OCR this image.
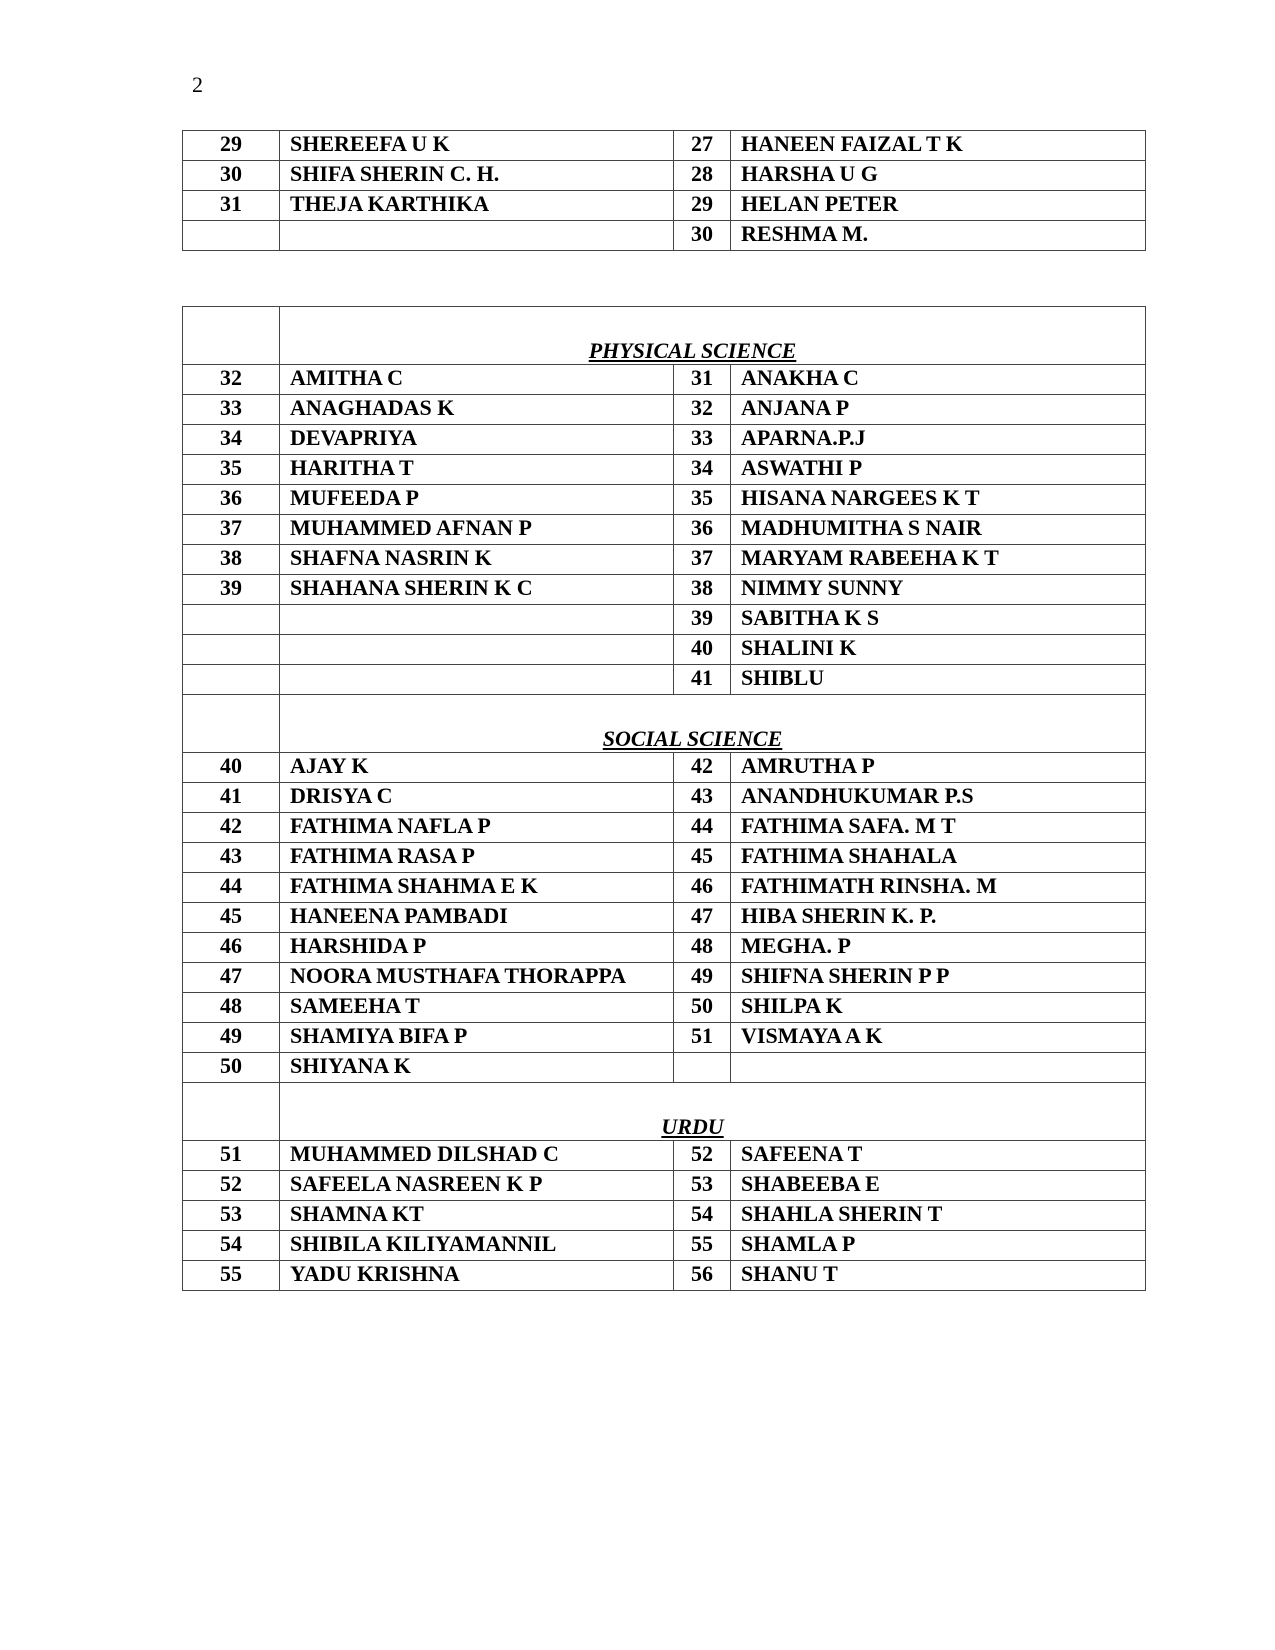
2
29	SHEREEFA U K	27	HANEEN FAIZAL T K
30	SHIFA SHERIN C. H.	28	HARSHA U G
31	THEJA KARTHIKA	29	HELAN PETER
		30	RESHMA M.
	PHYSICAL SCIENCE		
32	AMITHA C	31	ANAKHA C
33	ANAGHADAS K	32	ANJANA P
34	DEVAPRIYA	33	APARNA.P.J
35	HARITHA T	34	ASWATHI P
36	MUFEEDA P	35	HISANA NARGEES K T
37	MUHAMMED AFNAN P	36	MADHUMITHA S NAIR
38	SHAFNA NASRIN K	37	MARYAM RABEEHA K T
39	SHAHANA SHERIN K C	38	NIMMY SUNNY
		39	SABITHA K S
		40	SHALINI K
		41	SHIBLU
	SOCIAL SCIENCE		
40	AJAY K	42	AMRUTHA P
41	DRISYA C	43	ANANDHUKUMAR P.S
42	FATHIMA NAFLA P	44	FATHIMA SAFA. M T
43	FATHIMA RASA P	45	FATHIMA SHAHALA
44	FATHIMA SHAHMA E K	46	FATHIMATH RINSHA. M
45	HANEENA PAMBADI	47	HIBA SHERIN K. P.
46	HARSHIDA P	48	MEGHA. P
47	NOORA MUSTHAFA THORAPPA	49	SHIFNA SHERIN P P
48	SAMEEHA T	50	SHILPA K
49	SHAMIYA BIFA P	51	VISMAYA A K
50	SHIYANA K		
	URDU		
51	MUHAMMED DILSHAD C	52	SAFEENA T
52	SAFEELA NASREEN K P	53	SHABEEBA E
53	SHAMNA KT	54	SHAHLA SHERIN T
54	SHIBILA KILIYAMANNIL	55	SHAMLA P
55	YADU KRISHNA	56	SHANU T
